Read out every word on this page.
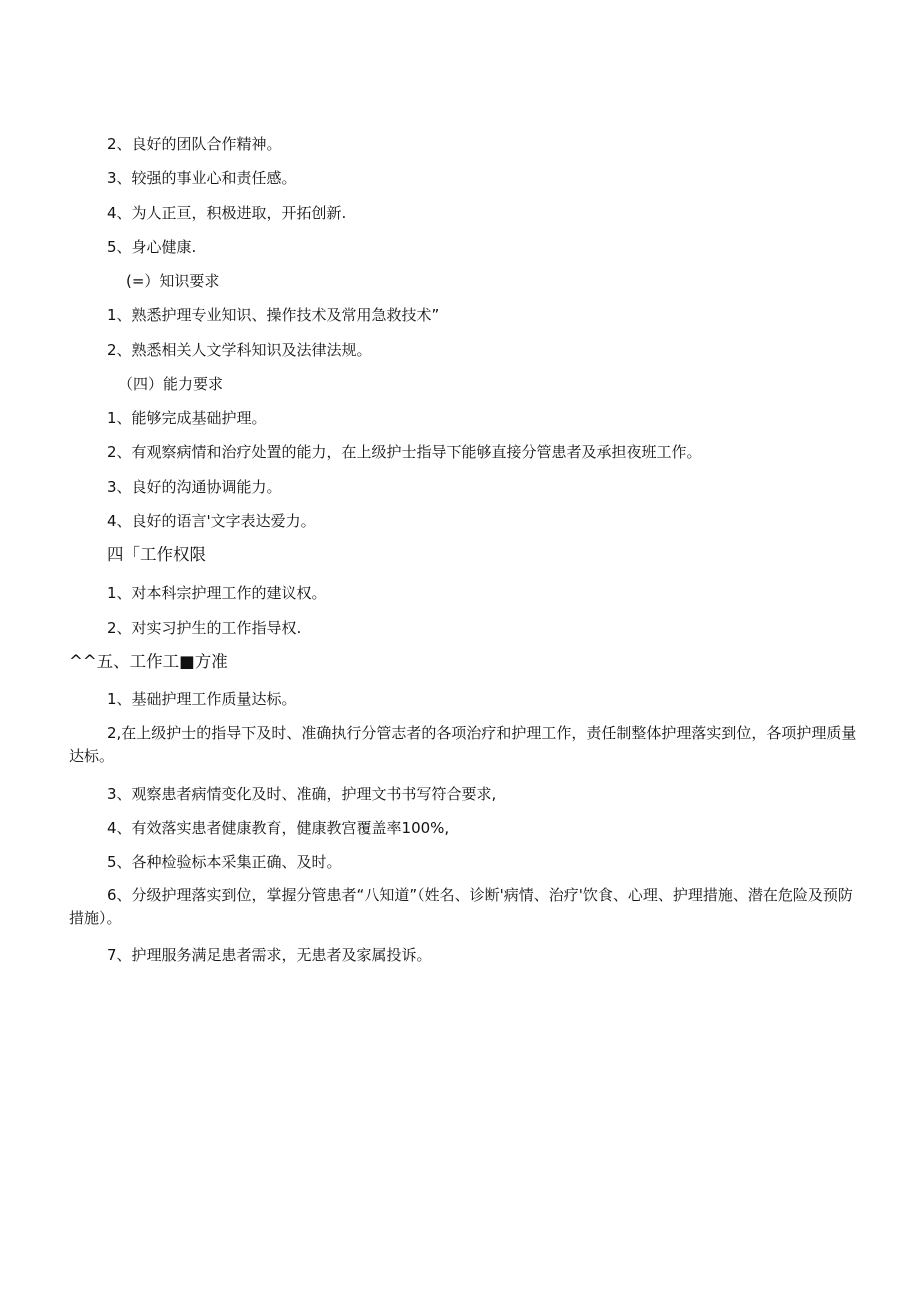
2、良好的团队合作精神。
3、较强的事业心和责任感。
4、为人正亘，积极进取，开拓创新.
5、身心健康.
(=）知识要求
1、熟悉护理专业知识、操作技术及常用急救技术”
2、熟悉相关人文学科知识及法律法规。
（四）能力要求
1、能够完成基础护理。
2、有观察病情和治疗处置的能力，在上级护士指导下能够直接分管患者及承担夜班工作。
3、良好的沟通协调能力。
4、良好的语言'文字表达爱力。
四「工作权限
1、对本科宗护理工作的建议权。
2、对实习护生的工作指导权.
^^五、工作工■方准
1、基础护理工作质量达标。
2,在上级护士的指导下及时、准确执行分管志者的各项治疗和护理工作，责任制整体护理落实到位，各项护理质量达标。
3、观察患者病情变化及时、准确，护理文书书写符合要求,
4、有效落实患者健康教育，健康教宫覆盖率100%,
5、各种检验标本采集正确、及时。
6、分级护理落实到位，掌握分管患者“八知道”（姓名、诊断'病情、治疗'饮食、心理、护理措施、潜在危险及预防措施）。
7、护理服务满足患者需求，无患者及家属投诉。
